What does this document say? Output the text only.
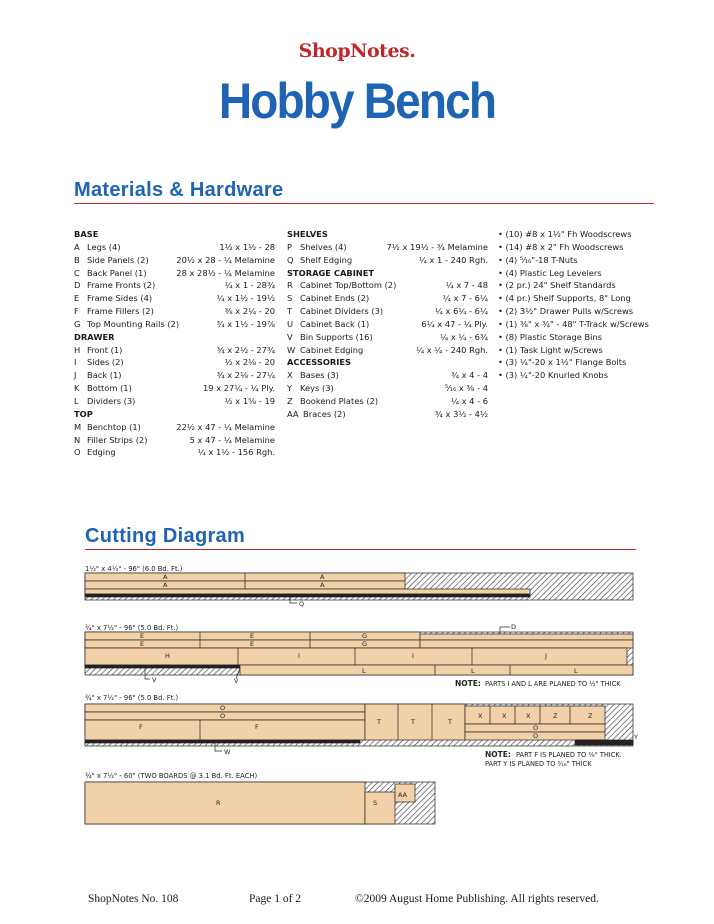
ShopNotes.
Hobby Bench
Materials & Hardware
BASE
A Legs (4)	1½ x 1½ - 28
B Side Panels (2)	20½ x 28 - ¼ Melamine
C Back Panel (1)	28 x 28½ - ¼ Melamine
D Frame Fronts (2)	¼ x 1 - 28¾
E Frame Sides (4)	¼ x 1½ - 19½
F Frame Fillers (2)	⅜ x 2¼ - 20
G Top Mounting Rails (2)	¾ x 1½ - 19⅞
DRAWER
H Front (1)	¾ x 2½ - 27¾
I	Sides (2)	½ x 2⅛ - 20
J	Back (1)	¾ x 2⅛ - 27¼
K Bottom (1)	19 x 27¼ - ¼ Ply.
L	Dividers (3)	½ x 1⅝ - 19
TOP
M Benchtop (1)	22½ x 47 - ¼ Melamine
N Filler Strips (2)	5 x 47 - ¼ Melamine
O Edging	¼ x 1½ - 156 Rgh.
SHELVES
P Shelves (4)	7½ x 19½ - ¾ Melamine
Q Shelf Edging	¼ x 1 - 240 Rgh.
STORAGE CABINET
R Cabinet Top/Bottom (2)	¼ x 7 - 48
S Cabinet Ends (2)	¼ x 7 - 6¼
T Cabinet Dividers (3)	¼ x 6¼ - 6¼
U Cabinet Back (1)	6¼ x 47 - ¼ Ply.
V Bin Supports (16)	¼ x ¼ - 6¾
W Cabinet Edging	¼ x ¼ - 240 Rgh.
ACCESSORIES
X Bases (3)	¾ x 4 - 4
Y Keys (3)	⁵⁄₁₆ x ⅜ - 4
Z Bookend Plates (2)	¼ x 4 - 6
AA Braces (2)	¾ x 3½ - 4½
• (10) #8 x 1½" Fh Woodscrews
• (14) #8 x 2" Fh Woodscrews
• (4) ⁵⁄₁₆"-18 T-Nuts
• (4) Plastic Leg Levelers
• (2 pr.) 24" Shelf Standards
• (4 pr.) Shelf Supports, 8" Long
• (2) 3½" Drawer Pulls w/Screws
• (1) ⅜" x ¾" - 48" T-Track w/Screws
• (8) Plastic Storage Bins
• (1) Task Light w/Screws
• (3) ¼"-20 x 1½" Flange Bolts
• (3) ¼"-20 Knurled Knobs
Cutting Diagram
1½" x 4½" - 96" (6.0 Bd. Ft.)
A
A
A
A
Q
¾" x 7½" - 96" (5.0 Bd. Ft.)
E
E
E
E
G
G
D
H	I	I	J
L	L	L
V	V	NOTE: PARTS I AND L ARE PLANED TO ½" THICK
¾" x 7½" - 96" (5.0 Bd. Ft.)
O
O
F	F
T	T	T
X	X	X	Z	Z
O
O	Y
W	NOTE: PART F IS PLANED TO ⅜" THICK.
PART Y IS PLANED TO ⁵⁄₁₆" THICK
¾" x 7½" - 60" (TWO BOARDS @ 3.1 Bd. Ft. EACH)
AA
R	S
ShopNotes No. 108	Page 1 of 2	©2009 August Home Publishing. All rights reserved.
